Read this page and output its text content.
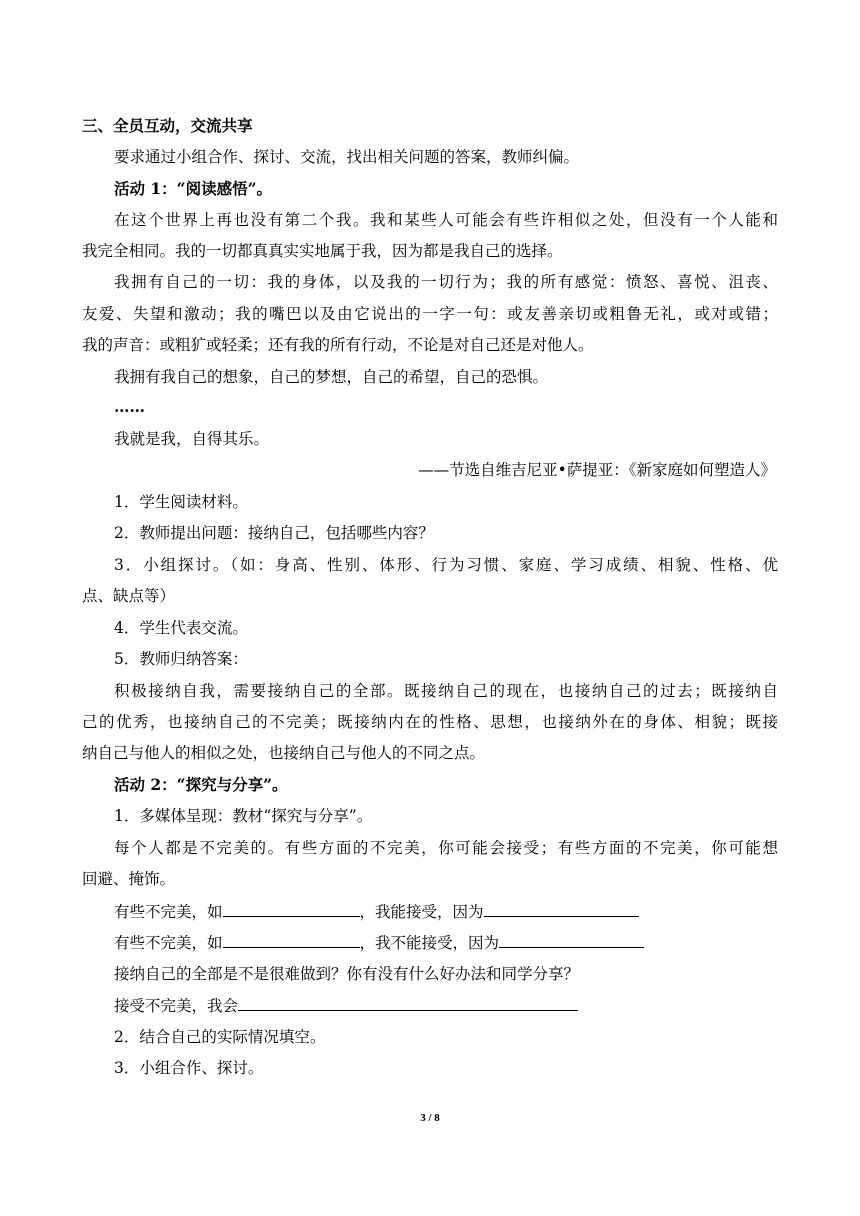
三、全员互动，交流共享
要求通过小组合作、探讨、交流，找出相关问题的答案，教师纠偏。
活动 1：“阅读感悟”。
在这个世界上再也没有第二个我。我和某些人可能会有些许相似之处，但没有一个人能和
我完全相同。我的一切都真真实实地属于我，因为都是我自己的选择。
我拥有自己的一切：我的身体，以及我的一切行为；我的所有感觉：愤怒、喜悦、沮丧、
友爱、失望和激动；我的嘴巴以及由它说出的一字一句：或友善亲切或粗鲁无礼，或对或错；
我的声音：或粗犷或轻柔；还有我的所有行动，不论是对自己还是对他人。
我拥有我自己的想象，自己的梦想，自己的希望，自己的恐惧。
……
我就是我，自得其乐。
——节选自维吉尼亚•萨提亚：《新家庭如何塑造人》
1．学生阅读材料。
2．教师提出问题：接纳自己，包括哪些内容？
3．小组探讨。（如：身高、性别、体形、行为习惯、家庭、学习成绩、相貌、性格、优
点、缺点等）
4．学生代表交流。
5．教师归纳答案：
积极接纳自我，需要接纳自己的全部。既接纳自己的现在，也接纳自己的过去；既接纳自
己的优秀，也接纳自己的不完美；既接纳内在的性格、思想，也接纳外在的身体、相貌；既接
纳自己与他人的相似之处，也接纳自己与他人的不同之点。
活动 2：“探究与分享”。
1．多媒体呈现：教材“探究与分享”。
每个人都是不完美的。有些方面的不完美，你可能会接受；有些方面的不完美，你可能想
回避、掩饰。
有些不完美，如	，我能接受，因为
有些不完美，如	，我不能接受，因为
接纳自己的全部是不是很难做到？你有没有什么好办法和同学分享？
接受不完美，我会
2．结合自己的实际情况填空。
3．小组合作、探讨。
3 / 8
